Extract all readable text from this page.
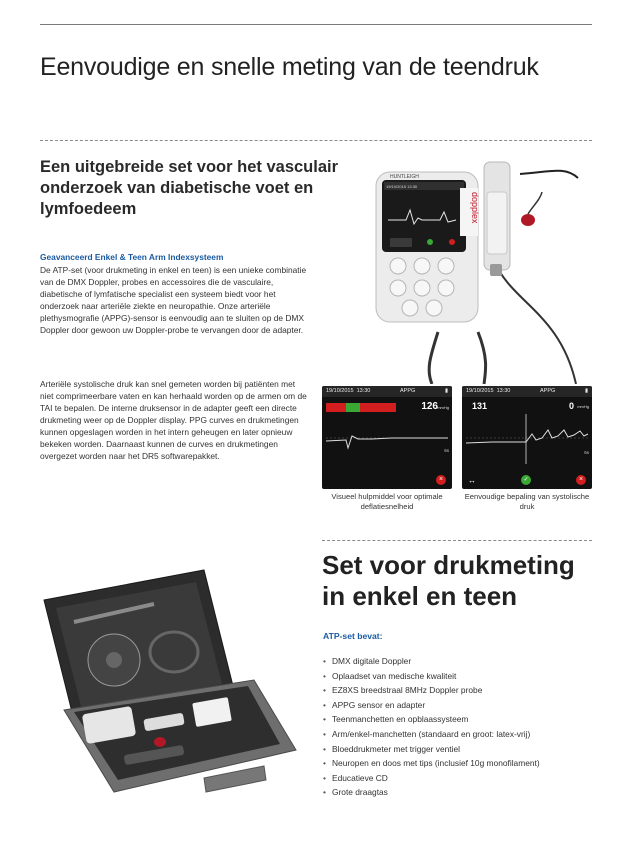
Eenvoudige en snelle meting van de teendruk
Een uitgebreide set voor het vasculair onderzoek van diabetische voet en lymfoedeem
Geavanceerd Enkel & Teen Arm Indexsysteem

De ATP-set (voor drukmeting in enkel en teen) is een unieke combinatie van de DMX Doppler, probes en accessoires die de vasculaire, diabetische of lymfatische specialist een systeem biedt voor het onderzoek naar arteriële ziekte en neuropathie. Onze arteriële plethysmografie (APPG)-sensor is eenvoudig aan te sluiten op de DMX Doppler door gewoon uw Doppler-probe te vervangen door de adapter.

Arteriële systolische druk kan snel gemeten worden bij patiënten met niet comprimeerbare vaten en kan herhaald worden op de armen om de TAI te bepalen. De interne druksensor in de adapter geeft een directe drukmeting weer op de Doppler display. PPG curves en drukmetingen kunnen opgeslagen worden in het intern geheugen en later opnieuw bekeken worden. Daarnaast kunnen de curves en drukmetingen overgezet worden naar het DR5 softwarepakket.

dopplex
HUNTLEIGH
19/10/2015 13:30
19/10/2015 13:30	APPG	▮
126 mmHg
6s
×
Visueel hulpmiddel voor optimale deflatiesnelheid
19/10/2015 13:30	APPG	▮
131	0 mmHg
6s
↔	✓	×
Eenvoudige bepaling van systolische druk
Set voor drukmeting in enkel en teen
ATP-set bevat:
• DMX digitale Doppler
• Oplaadset van medische kwaliteit
• EZ8XS breedstraal 8MHz Doppler probe
• APPG sensor en adapter
• Teenmanchetten en opblaassysteem
• Arm/enkel-manchetten (standaard en groot: latex-vrij)
• Bloeddrukmeter met trigger ventiel
• Neuropen en doos met tips (inclusief 10g monofilament)
• Educatieve CD
• Grote draagtas
